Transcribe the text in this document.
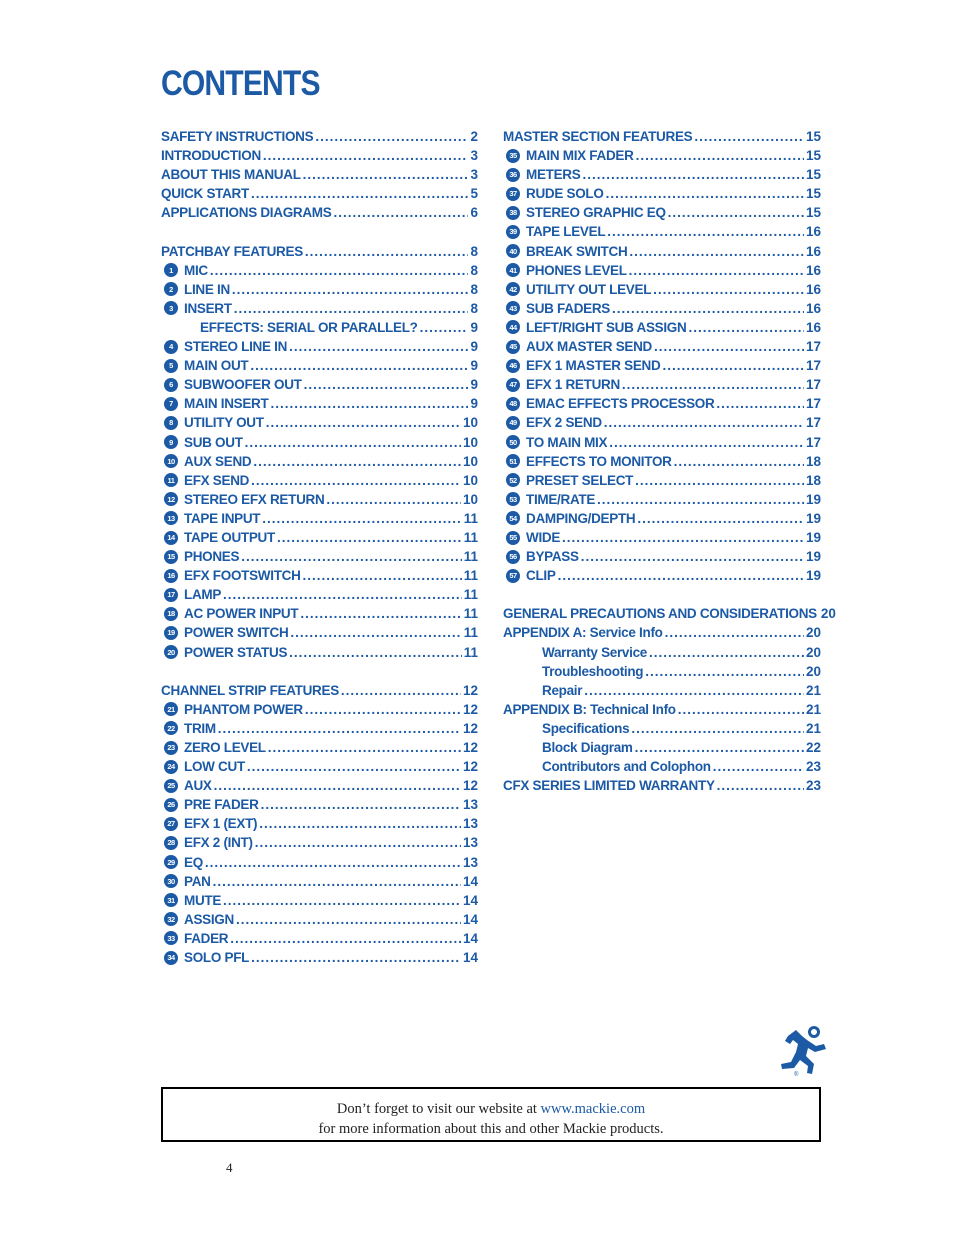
CONTENTS
SAFETY INSTRUCTIONS .....	2
INTRODUCTION .....	3
ABOUT THIS MANUAL .....	3
QUICK START .....	5
APPLICATIONS DIAGRAMS .....	6
PATCHBAY FEATURES .....	8
1 MIC .....	8
2 LINE IN .....	8
3 INSERT .....	8
EFFECTS: SERIAL OR PARALLEL? .....	9
4 STEREO LINE IN .....	9
5 MAIN OUT .....	9
6 SUBWOOFER OUT .....	9
7 MAIN INSERT .....	9
8 UTILITY OUT .....	10
9 SUB OUT .....	10
10 AUX SEND .....	10
11 EFX SEND .....	10
12 STEREO EFX RETURN .....	10
13 TAPE INPUT .....	11
14 TAPE OUTPUT .....	11
15 PHONES .....	11
16 EFX FOOTSWITCH .....	11
17 LAMP .....	11
18 AC POWER INPUT .....	11
19 POWER SWITCH .....	11
20 POWER STATUS .....	11
CHANNEL STRIP FEATURES .....	12
21 PHANTOM POWER .....	12
22 TRIM .....	12
23 ZERO LEVEL .....	12
24 LOW CUT .....	12
25 AUX .....	12
26 PRE FADER .....	13
27 EFX 1 (EXT) .....	13
28 EFX 2 (INT) .....	13
29 EQ .....	13
30 PAN .....	14
31 MUTE .....	14
32 ASSIGN .....	14
33 FADER .....	14
34 SOLO PFL .....	14
MASTER SECTION FEATURES .....	15
35 MAIN MIX FADER .....	15
36 METERS .....	15
37 RUDE SOLO .....	15
38 STEREO GRAPHIC EQ .....	15
39 TAPE LEVEL .....	16
40 BREAK SWITCH .....	16
41 PHONES LEVEL .....	16
42 UTILITY OUT LEVEL .....	16
43 SUB FADERS .....	16
44 LEFT/RIGHT SUB ASSIGN .....	16
45 AUX MASTER SEND .....	17
46 EFX 1 MASTER SEND .....	17
47 EFX 1 RETURN .....	17
48 EMAC EFFECTS PROCESSOR .....	17
49 EFX 2 SEND .....	17
50 TO MAIN MIX .....	17
51 EFFECTS TO MONITOR .....	18
52 PRESET SELECT .....	18
53 TIME/RATE .....	19
54 DAMPING/DEPTH .....	19
55 WIDE .....	19
56 BYPASS .....	19
57 CLIP .....	19
GENERAL PRECAUTIONS AND CONSIDERATIONS 20
APPENDIX A: Service Info .....	20
Warranty Service .....	20
Troubleshooting .....	20
Repair .....	21
APPENDIX B: Technical Info .....	21
Specifications .....	21
Block Diagram .....	22
Contributors and Colophon .....	23
CFX SERIES LIMITED WARRANTY .....	23
®
Don’t forget to visit our website at www.mackie.com
for more information about this and other Mackie products.
4
